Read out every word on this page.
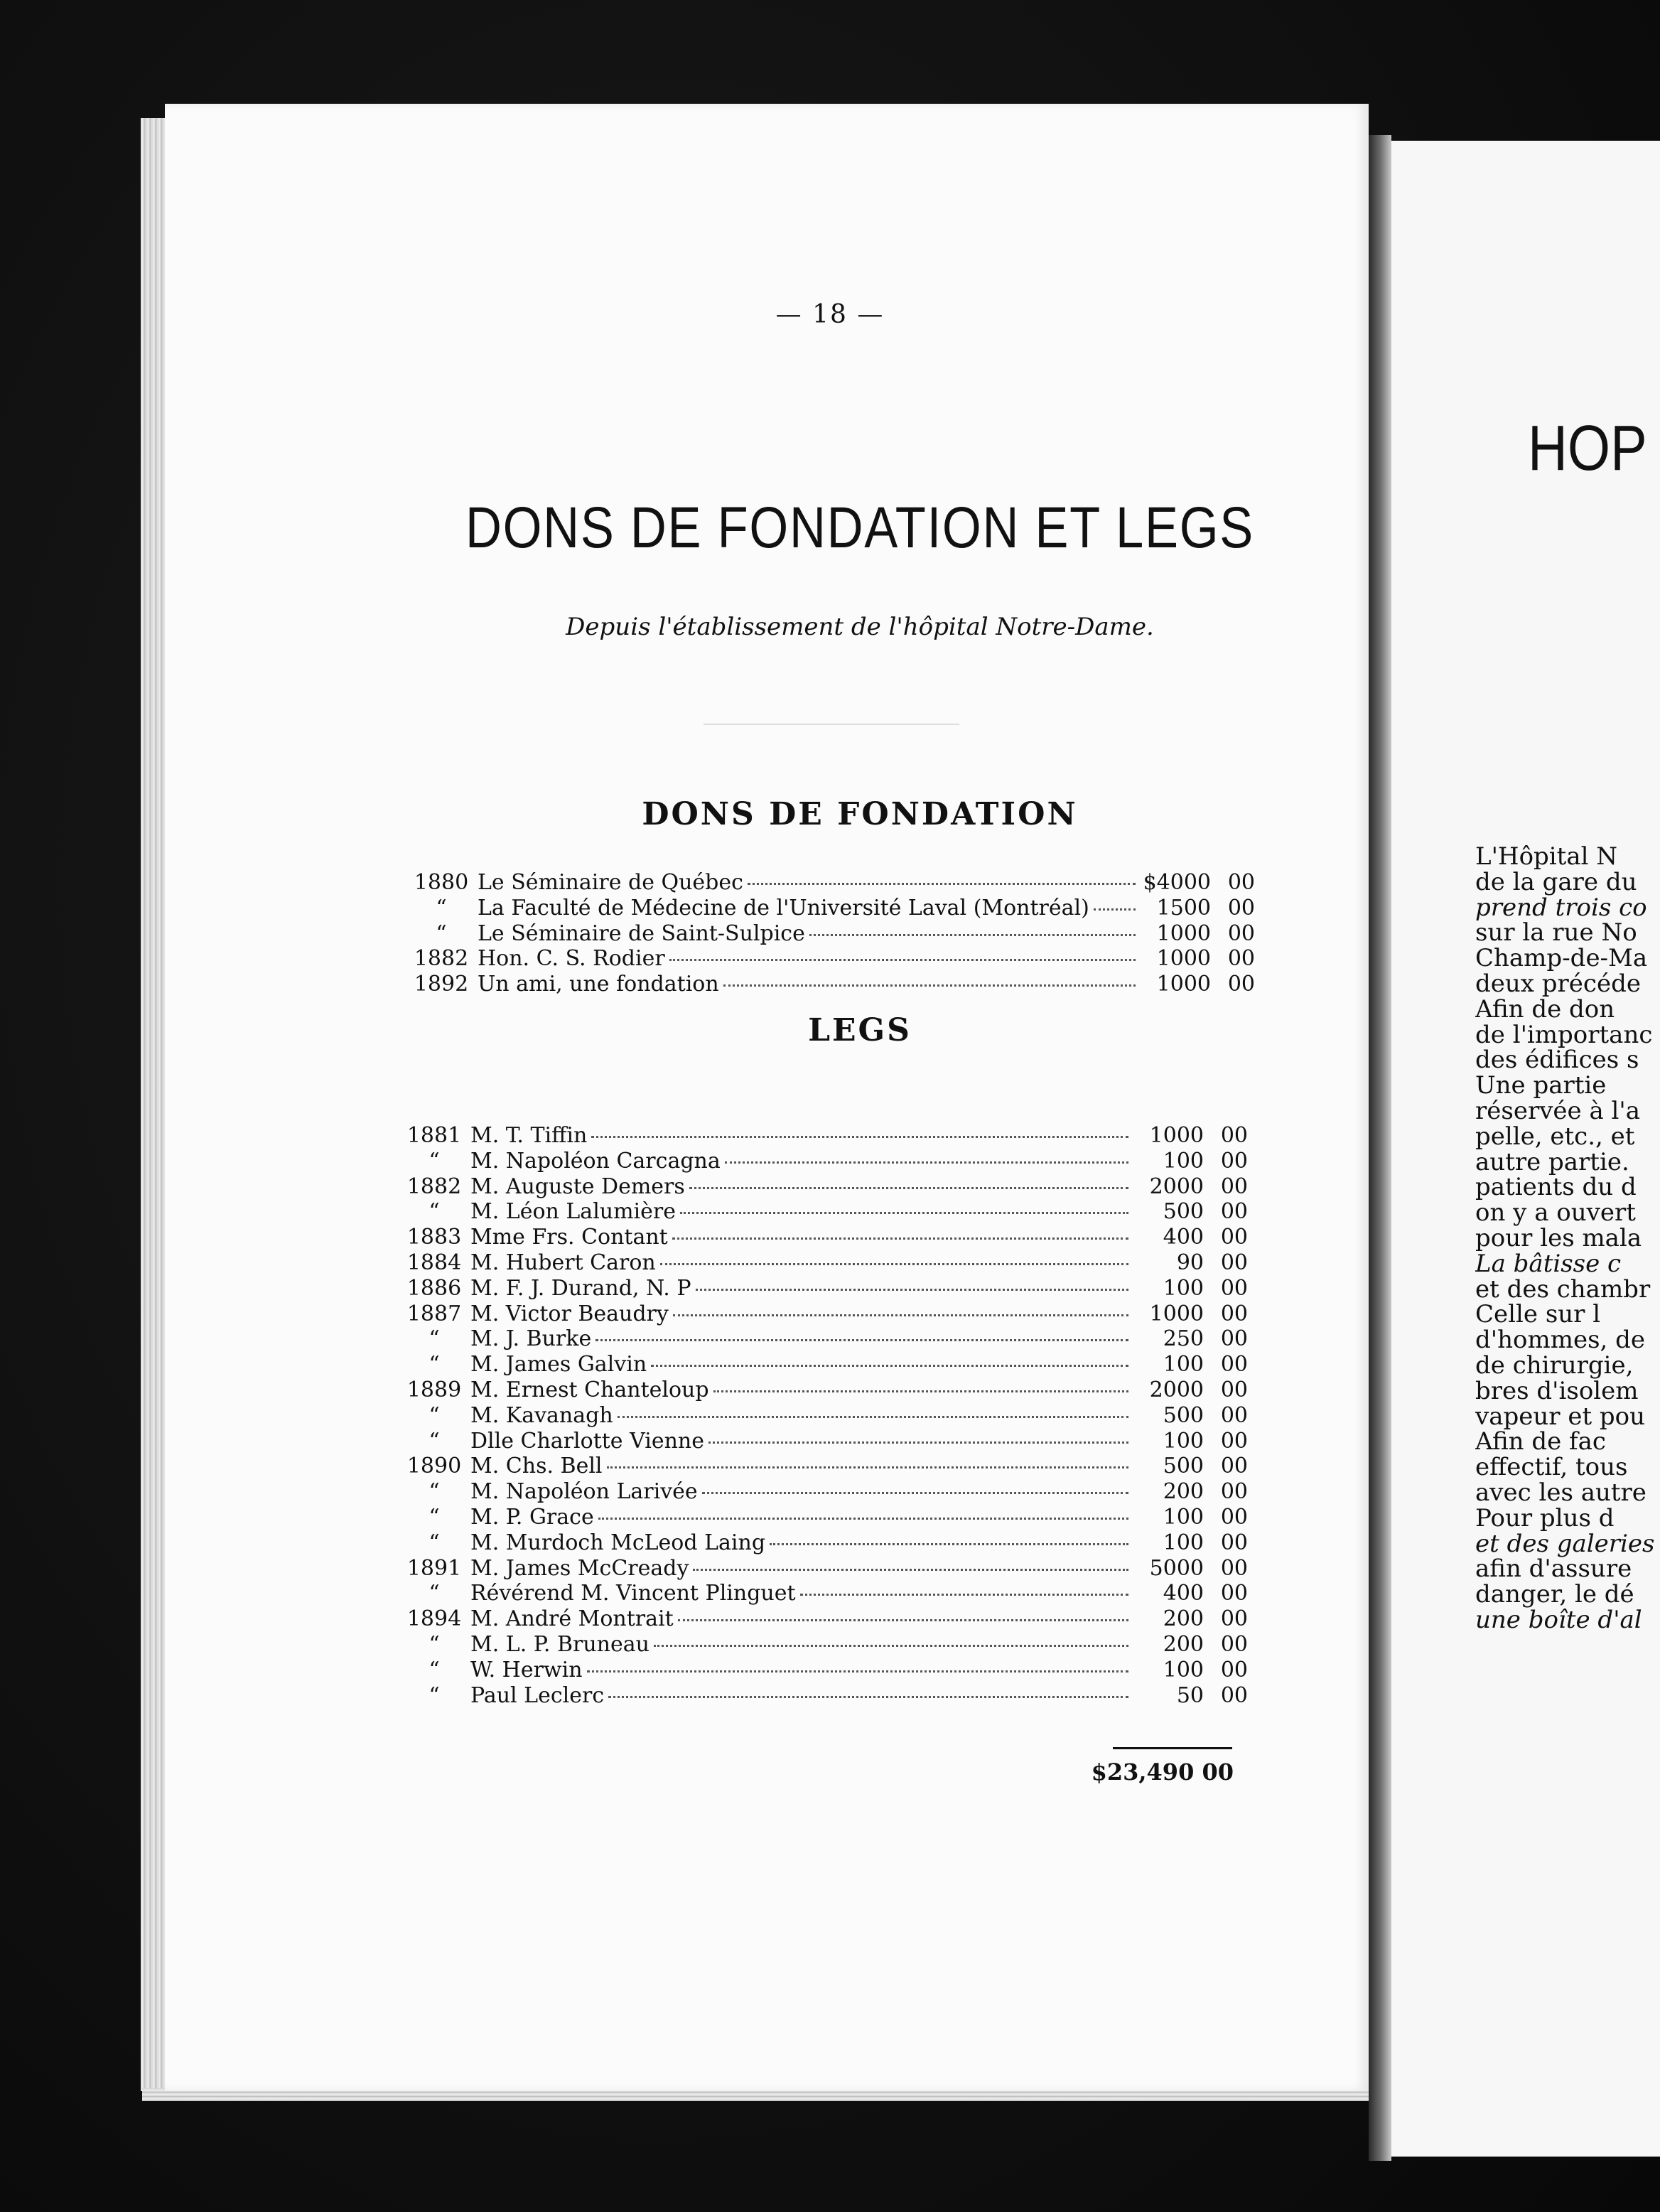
— 18 —
DONS DE FONDATION ET LEGS
Depuis l'établissement de l'hôpital Notre-Dame.
DONS DE FONDATION
1880 Le Séminaire de Québec	$4000 00
“	La Faculté de Médecine de l'Université Laval (Montréal)	1500 00
“	Le Séminaire de Saint-Sulpice	1000 00
1882 Hon. C. S. Rodier	1000 00
1892 Un ami, une fondation	1000 00
LEGS
1881 M. T. Tiffin	1000 00
“	M. Napoléon Carcagna	100 00
1882 M. Auguste Demers	2000 00
“	M. Léon Lalumière	500 00
1883 Mme Frs. Contant	400 00
1884 M. Hubert Caron	90 00
1886 M. F. J. Durand, N. P	100 00
1887 M. Victor Beaudry	1000 00
“	M. J. Burke	250 00
“	M. James Galvin	100 00
1889 M. Ernest Chanteloup	2000 00
“	M. Kavanagh	500 00
“	Dlle Charlotte Vienne	100 00
1890 M. Chs. Bell	500 00
“	M. Napoléon Larivée	200 00
“	M. P. Grace	100 00
“	M. Murdoch McLeod Laing	100 00
1891 M. James McCready	5000 00
“	Révérend M. Vincent Plinguet	400 00
1894 M. André Montrait	200 00
“	M. L. P. Bruneau	200 00
“	W. Herwin	100 00
“	Paul Leclerc	50 00
$23,490 00
HOP
L'Hôpital N
de la gare du
prend trois co
sur la rue No
Champ-de-Ma
deux précéde
Afin de don
de l'importanc
des édifices s
Une partie
réservée à l'a
pelle, etc., et
autre partie.
patients du d
on y a ouvert
pour les mala
La bâtisse c
et des chambr
Celle sur l
d'hommes, de
de chirurgie,
bres d'isolem
vapeur et pou
Afin de fac
effectif, tous
avec les autre
Pour plus d
et des galeries
afin d'assure
danger, le dé
une boîte d'al
